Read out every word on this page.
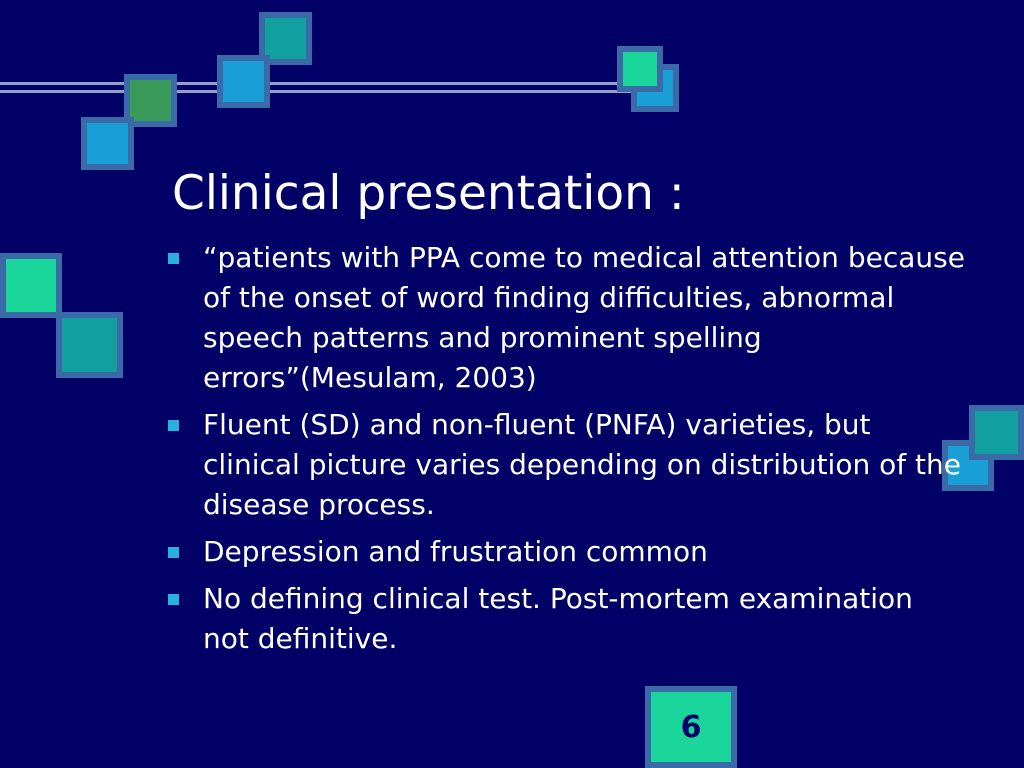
Clinical presentation :
“patients with PPA come to medical attention because of the onset of word finding difficulties, abnormal speech patterns and prominent spelling errors”(Mesulam, 2003)
Fluent (SD) and non-fluent (PNFA) varieties, but clinical picture varies depending on distribution of the disease process.
Depression and frustration common
No defining clinical test. Post-mortem examination not definitive.
6
